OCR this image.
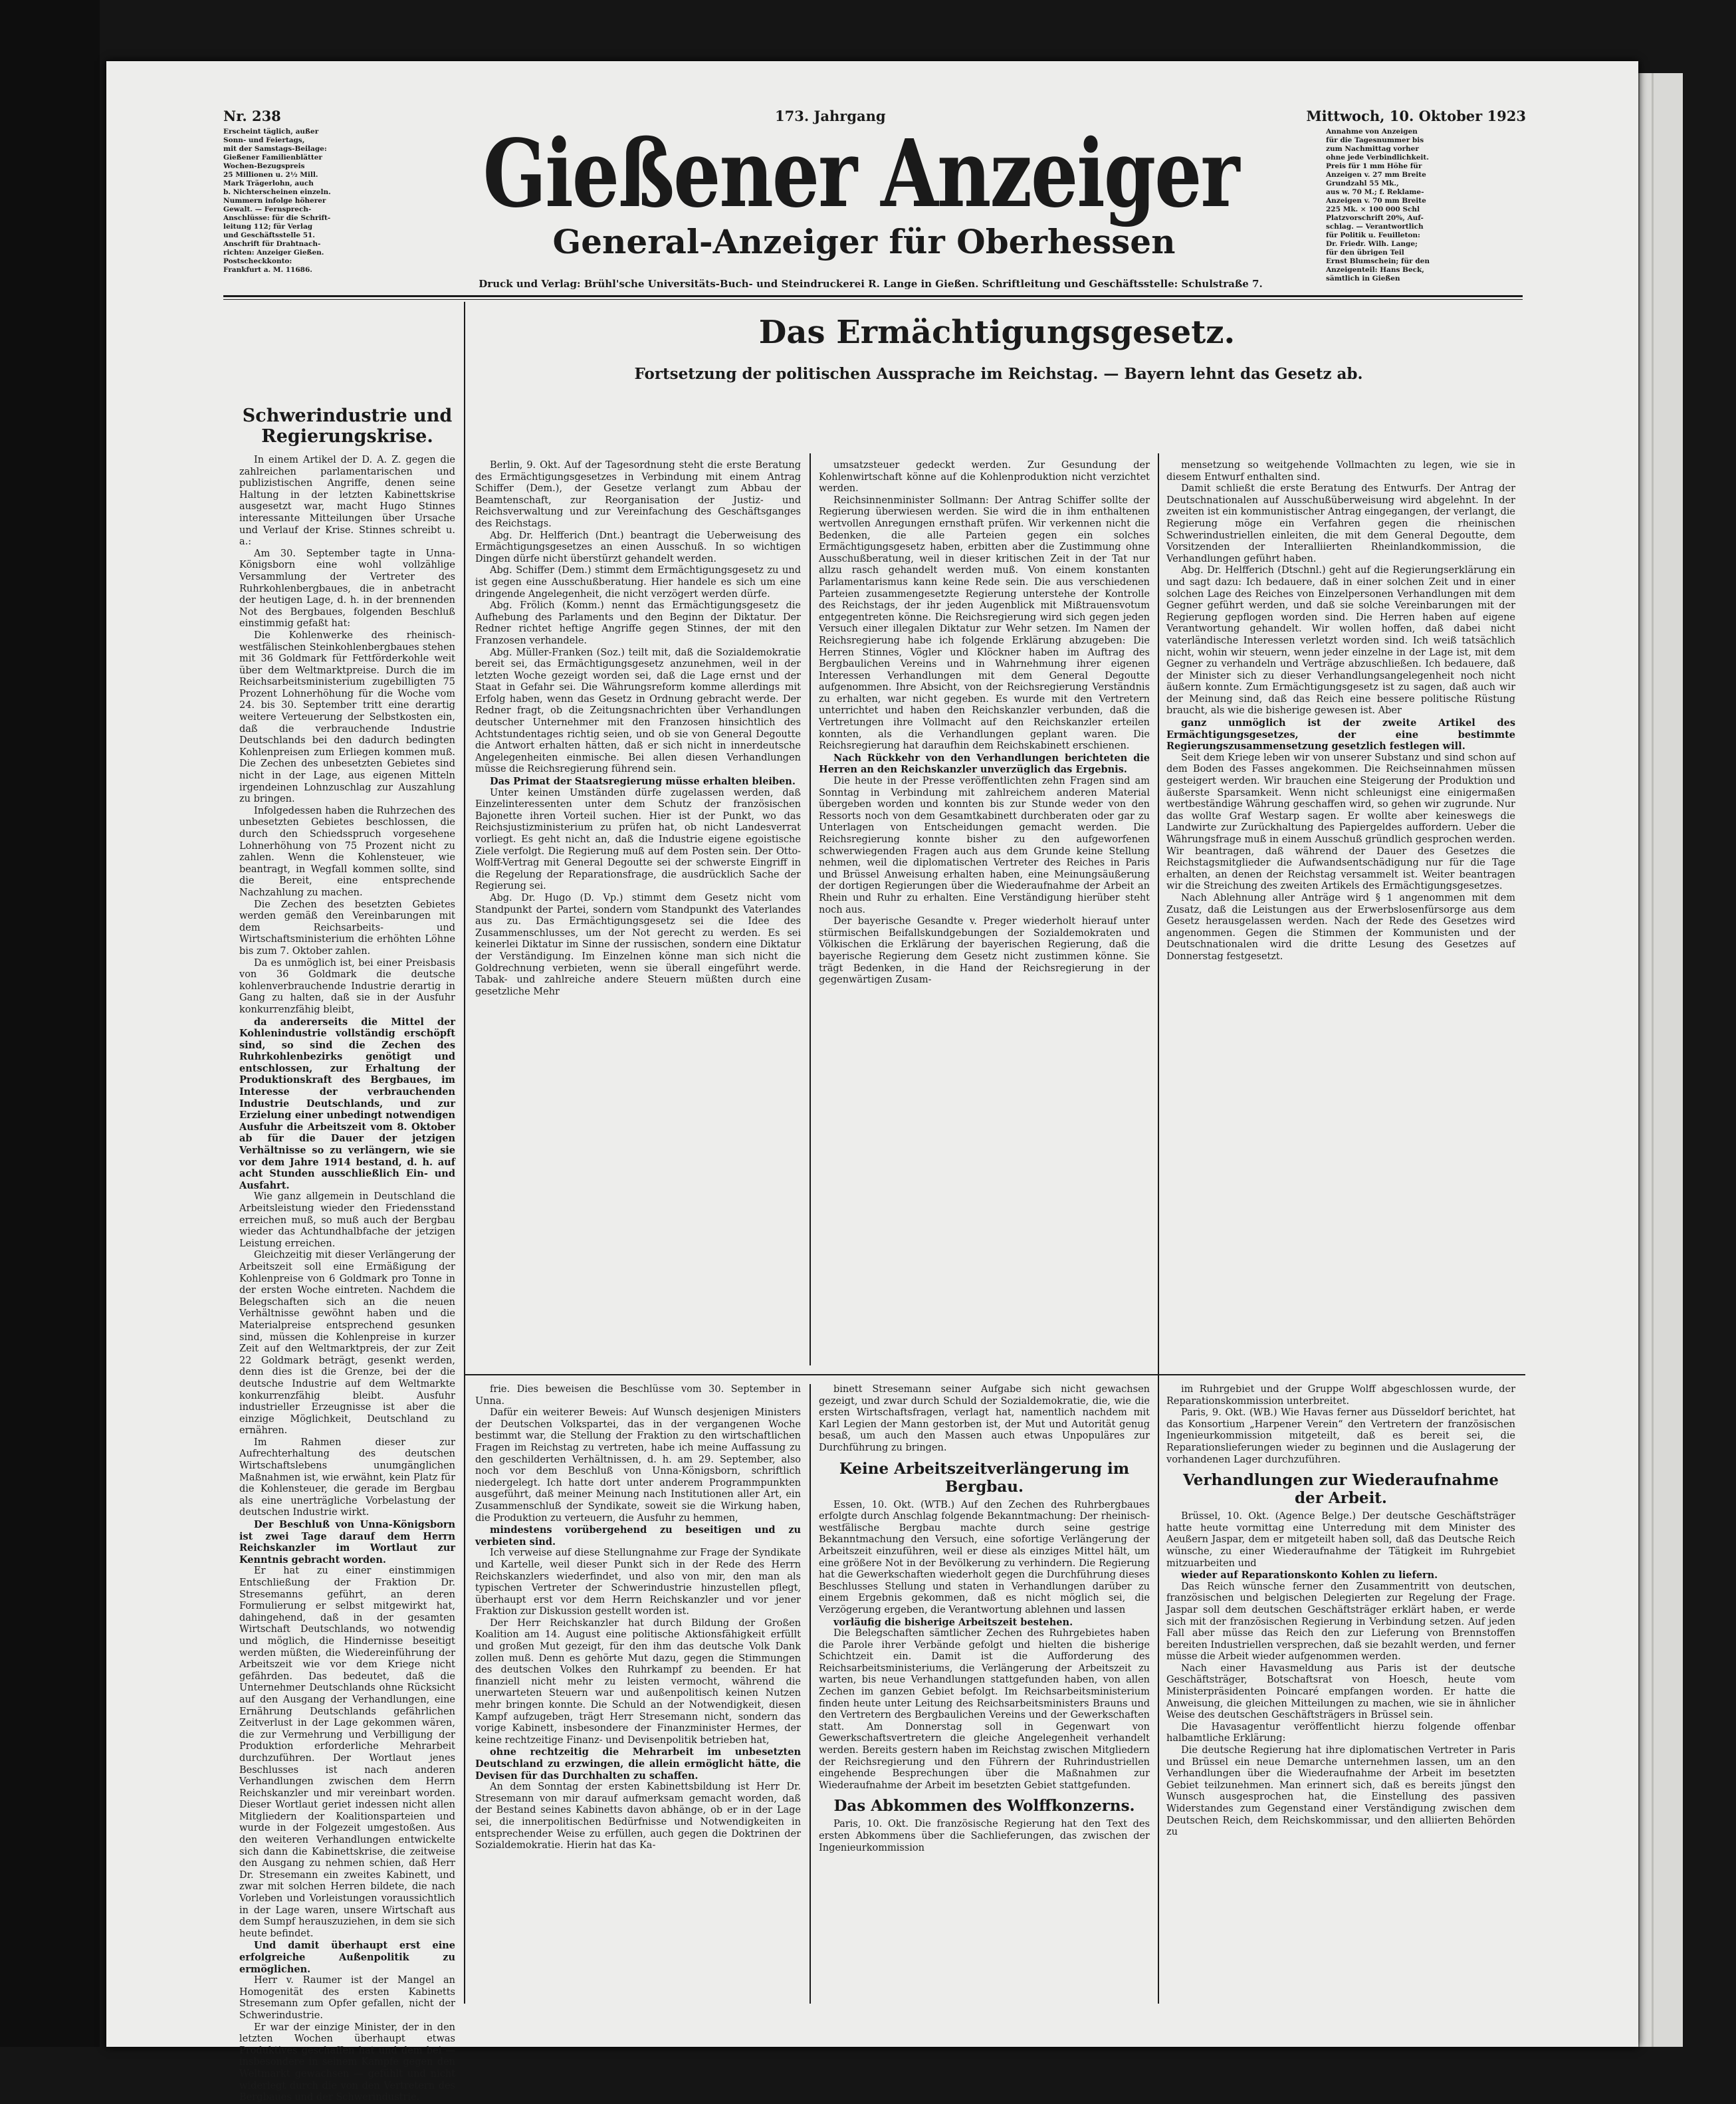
Nr. 238	173. Jahrgang	Mittwoch, 10. Oktober 1923
Erscheint täglich, außer
Sonn- und Feiertags,
mit der Samstags-Beilage:
Gießener Familienblätter
Wochen-Bezugspreis
25 Millionen u. 2½ Mill.
Mark Trägerlohn, auch
b. Nichterscheinen einzeln.
Nummern infolge höherer
Gewalt. — Fernsprech-
Anschlüsse: für die Schrift-
leitung 112; für Verlag
und Geschäftsstelle 51.
Anschrift für Drahtnach-
richten: Anzeiger Gießen.
Postscheckkonto:
Frankfurt a. M. 11686.
Annahme von Anzeigen
für die Tagesnummer bis
zum Nachmittag vorher
ohne jede Verbindlichkeit.
Preis für 1 mm Höhe für
Anzeigen v. 27 mm Breite
Grundzahl 55 Mk.,
aus w. 70 M.; f. Reklame-
Anzeigen v. 70 mm Breite
225 Mk. × 100 000 Schl
Platzvorschrift 20%, Auf-
schlag. — Verantwortlich
für Politik u. Feuilleton:
Dr. Friedr. Wilh. Lange;
für den übrigen Teil
Ernst Blumschein; für den
Anzeigenteil: Hans Beck,
sämtlich in Gießen
Gießener Anzeiger
General-Anzeiger für Oberhessen
Druck und Verlag: Brühl'sche Universitäts-Buch- und Steindruckerei R. Lange in Gießen. Schriftleitung und Geschäftsstelle: Schulstraße 7.
Schwerindustrie und Regierungskrise.

In einem Artikel der D. A. Z. gegen die zahlreichen parlamentarischen und publizistischen Angriffe, denen seine Haltung in der letzten Kabinettskrise ausgesetzt war, macht Hugo Stinnes interessante Mitteilungen über Ursache und Verlauf der Krise. Stinnes schreibt u. a.:

Am 30. September tagte in Unna-Königsborn eine wohl vollzählige Versammlung der Vertreter des Ruhrkohlenbergbaues, die in anbetracht der heutigen Lage, d. h. in der brennenden Not des Bergbaues, folgenden Beschluß einstimmig gefaßt hat:

Die Kohlenwerke des rheinisch-westfälischen Steinkohlenbergbaues stehen mit 36 Goldmark für Fettförderkohle weit über dem Weltmarktpreise. Durch die im Reichsarbeitsministerium zugebilligten 75 Prozent Lohnerhöhung für die Woche vom 24. bis 30. September tritt eine derartig weitere Verteuerung der Selbstkosten ein, daß die verbrauchende Industrie Deutschlands bei den dadurch bedingten Kohlenpreisen zum Erliegen kommen muß. Die Zechen des unbesetzten Gebietes sind nicht in der Lage, aus eigenen Mitteln irgendeinen Lohnzuschlag zur Auszahlung zu bringen.

Infolgedessen haben die Ruhrzechen des unbesetzten Gebietes beschlossen, die durch den Schiedsspruch vorgesehene Lohnerhöhung von 75 Prozent nicht zu zahlen. Wenn die Kohlensteuer, wie beantragt, in Wegfall kommen sollte, sind die Bereit, eine entsprechende Nachzahlung zu machen.

Die Zechen des besetzten Gebietes werden gemäß den Vereinbarungen mit dem Reichsarbeits- und Wirtschaftsministerium die erhöhten Löhne bis zum 7. Oktober zahlen.

Da es unmöglich ist, bei einer Preisbasis von 36 Goldmark die deutsche kohlenverbrauchende Industrie derartig in Gang zu halten, daß sie in der Ausfuhr konkurrenzfähig bleibt,

da andererseits die Mittel der Kohlenindustrie vollständig erschöpft sind, so sind die Zechen des Ruhrkohlenbezirks genötigt und entschlossen, zur Erhaltung der Produktionskraft des Bergbaues, im Interesse der verbrauchenden Industrie Deutschlands, und zur Erzielung einer unbedingt notwendigen Ausfuhr die Arbeitszeit vom 8. Oktober ab für die Dauer der jetzigen Verhältnisse so zu verlängern, wie sie vor dem Jahre 1914 bestand, d. h. auf acht Stunden ausschließlich Ein- und Ausfahrt.

Wie ganz allgemein in Deutschland die Arbeitsleistung wieder den Friedensstand erreichen muß, so muß auch der Bergbau wieder das Achtundhalbfache der jetzigen Leistung erreichen.

Gleichzeitig mit dieser Verlängerung der Arbeitszeit soll eine Ermäßigung der Kohlenpreise von 6 Goldmark pro Tonne in der ersten Woche eintreten. Nachdem die Belegschaften sich an die neuen Verhältnisse gewöhnt haben und die Materialpreise entsprechend gesunken sind, müssen die Kohlenpreise in kurzer Zeit auf den Weltmarktpreis, der zur Zeit 22 Goldmark beträgt, gesenkt werden, denn dies ist die Grenze, bei der die deutsche Industrie auf dem Weltmarkte konkurrenzfähig bleibt. Ausfuhr industrieller Erzeugnisse ist aber die einzige Möglichkeit, Deutschland zu ernähren.

Im Rahmen dieser zur Aufrechterhaltung des deutschen Wirtschaftslebens unumgänglichen Maßnahmen ist, wie erwähnt, kein Platz für die Kohlensteuer, die gerade im Bergbau als eine unerträgliche Vorbelastung der deutschen Industrie wirkt.

Der Beschluß von Unna-Königsborn ist zwei Tage darauf dem Herrn Reichskanzler im Wortlaut zur Kenntnis gebracht worden.

Er hat zu einer einstimmigen Entschließung der Fraktion Dr. Stresemanns geführt, an deren Formulierung er selbst mitgewirkt hat, dahingehend, daß in der gesamten Wirtschaft Deutschlands, wo notwendig und möglich, die Hindernisse beseitigt werden müßten, die Wiedereinführung der Arbeitszeit wie vor dem Kriege nicht gefährden. Das bedeutet, daß die Unternehmer Deutschlands ohne Rücksicht auf den Ausgang der Verhandlungen, eine Ernährung Deutschlands gefährlichen Zeitverlust in der Lage gekommen wären, die zur Vermehrung und Verbilligung der Produktion erforderliche Mehrarbeit durchzuführen. Der Wortlaut jenes Beschlusses ist nach anderen Verhandlungen zwischen dem Herrn Reichskanzler und mir vereinbart worden. Dieser Wortlaut geriet indessen nicht allen Mitgliedern der Koalitionsparteien und wurde in der Folgezeit umgestoßen. Aus den weiteren Verhandlungen entwickelte sich dann die Kabinettskrise, die zeitweise den Ausgang zu nehmen schien, daß Herr Dr. Stresemann ein zweites Kabinett, und zwar mit solchen Herren bildete, die nach Vorleben und Vorleistungen voraussichtlich in der Lage waren, unsere Wirtschaft aus dem Sumpf herauszuziehen, in dem sie sich heute befindet.

Und damit überhaupt erst eine erfolgreiche Außenpolitik zu ermöglichen.

Herr v. Raumer ist der Mangel an Homogenität des ersten Kabinetts Stresemann zum Opfer gefallen, nicht der Schwerindustrie.

Er war der einzige Minister, der in den letzten Wochen überhaupt etwas Produktives geschaffen hat und dem bei — insbesondere in seinem Kampfe gegen den Weltmarkt gewachsen — gefühlt und nicht widerlegt durch die von den Vertretern des Bergbaues und der Schwerindustrie.

Das Ermächtigungsgesetz.
Fortsetzung der politischen Aussprache im Reichstag. — Bayern lehnt das Gesetz ab.

Berlin, 9. Okt. Auf der Tagesordnung steht die erste Beratung des Ermächtigungsgesetzes in Verbindung mit einem Antrag Schiffer (Dem.), der Gesetze verlangt zum Abbau der Beamtenschaft, zur Reorganisation der Justiz- und Reichsverwaltung und zur Vereinfachung des Geschäftsganges des Reichstags.

Abg. Dr. Helfferich (Dnt.) beantragt die Ueberweisung des Ermächtigungsgesetzes an einen Ausschuß. In so wichtigen Dingen dürfe nicht überstürzt gehandelt werden.

Abg. Schiffer (Dem.) stimmt dem Ermächtigungsgesetz zu und ist gegen eine Ausschußberatung. Hier handele es sich um eine dringende Angelegenheit, die nicht verzögert werden dürfe.

Abg. Frölich (Komm.) nennt das Ermächtigungsgesetz die Aufhebung des Parlaments und den Beginn der Diktatur. Der Redner richtet heftige Angriffe gegen Stinnes, der mit den Franzosen verhandele.

Abg. Müller-Franken (Soz.) teilt mit, daß die Sozialdemokratie bereit sei, das Ermächtigungsgesetz anzunehmen, weil in der letzten Woche gezeigt worden sei, daß die Lage ernst und der Staat in Gefahr sei. Die Währungsreform komme allerdings mit Erfolg haben, wenn das Gesetz in Ordnung gebracht werde. Der Redner fragt, ob die Zeitungsnachrichten über Verhandlungen deutscher Unternehmer mit den Franzosen hinsichtlich des Achtstundentages richtig seien, und ob sie von General Degoutte die Antwort erhalten hätten, daß er sich nicht in innerdeutsche Angelegenheiten einmische. Bei allen diesen Verhandlungen müsse die Reichsregierung führend sein.

Das Primat der Staatsregierung müsse erhalten bleiben.

Unter keinen Umständen dürfe zugelassen werden, daß Einzelinteressenten unter dem Schutz der französischen Bajonette ihren Vorteil suchen. Hier ist der Punkt, wo das Reichsjustizministerium zu prüfen hat, ob nicht Landesverrat vorliegt. Es geht nicht an, daß die Industrie eigene egoistische Ziele verfolgt. Die Regierung muß auf dem Posten sein. Der Otto-Wolff-Vertrag mit General Degoutte sei der schwerste Eingriff in die Regelung der Reparationsfrage, die ausdrücklich Sache der Regierung sei.

Abg. Dr. Hugo (D. Vp.) stimmt dem Gesetz nicht vom Standpunkt der Partei, sondern vom Standpunkt des Vaterlandes aus zu. Das Ermächtigungsgesetz sei die Idee des Zusammenschlusses, um der Not gerecht zu werden. Es sei keinerlei Diktatur im Sinne der russischen, sondern eine Diktatur der Verständigung. Im Einzelnen könne man sich nicht die Goldrechnung verbieten, wenn sie überall eingeführt werde. Tabak- und zahlreiche andere Steuern müßten durch eine gesetzliche Mehr

umsatzsteuer gedeckt werden. Zur Gesundung der Kohlenwirtschaft könne auf die Kohlenproduktion nicht verzichtet werden.

Reichsinnenminister Sollmann: Der Antrag Schiffer sollte der Regierung überwiesen werden. Sie wird die in ihm enthaltenen wertvollen Anregungen ernsthaft prüfen. Wir verkennen nicht die Bedenken, die alle Parteien gegen ein solches Ermächtigungsgesetz haben, erbitten aber die Zustimmung ohne Ausschußberatung, weil in dieser kritischen Zeit in der Tat nur allzu rasch gehandelt werden muß. Von einem konstanten Parlamentarismus kann keine Rede sein. Die aus verschiedenen Parteien zusammengesetzte Regierung unterstehe der Kontrolle des Reichstags, der ihr jeden Augenblick mit Mißtrauensvotum entgegentreten könne. Die Reichsregierung wird sich gegen jeden Versuch einer illegalen Diktatur zur Wehr setzen. Im Namen der Reichsregierung habe ich folgende Erklärung abzugeben: Die Herren Stinnes, Vögler und Klöckner haben im Auftrag des Bergbaulichen Vereins und in Wahrnehmung ihrer eigenen Interessen Verhandlungen mit dem General Degoutte aufgenommen. Ihre Absicht, von der Reichsregierung Verständnis zu erhalten, war nicht gegeben. Es wurde mit den Vertretern unterrichtet und haben den Reichskanzler verbunden, daß die Vertretungen ihre Vollmacht auf den Reichskanzler erteilen konnten, als die Verhandlungen geplant waren. Die Reichsregierung hat daraufhin dem Reichskabinett erschienen.

Nach Rückkehr von den Verhandlungen berichteten die Herren an den Reichskanzler unverzüglich das Ergebnis.

Die heute in der Presse veröffentlichten zehn Fragen sind am Sonntag in Verbindung mit zahlreichem anderen Material übergeben worden und konnten bis zur Stunde weder von den Ressorts noch von dem Gesamtkabinett durchberaten oder gar zu Unterlagen von Entscheidungen gemacht werden. Die Reichsregierung konnte bisher zu den aufgeworfenen schwerwiegenden Fragen auch aus dem Grunde keine Stellung nehmen, weil die diplomatischen Vertreter des Reiches in Paris und Brüssel Anweisung erhalten haben, eine Meinungsäußerung der dortigen Regierungen über die Wiederaufnahme der Arbeit an Rhein und Ruhr zu erhalten. Eine Verständigung hierüber steht noch aus.

Der bayerische Gesandte v. Preger wiederholt hierauf unter stürmischen Beifallskundgebungen der Sozialdemokraten und Völkischen die Erklärung der bayerischen Regierung, daß die bayerische Regierung dem Gesetz nicht zustimmen könne. Sie trägt Bedenken, in die Hand der Reichsregierung in der gegenwärtigen Zusam-

mensetzung so weitgehende Vollmachten zu legen, wie sie in diesem Entwurf enthalten sind.

Damit schließt die erste Beratung des Entwurfs. Der Antrag der Deutschnationalen auf Ausschußüberweisung wird abgelehnt. In der zweiten ist ein kommunistischer Antrag eingegangen, der verlangt, die Regierung möge ein Verfahren gegen die rheinischen Schwerindustriellen einleiten, die mit dem General Degoutte, dem Vorsitzenden der Interalliierten Rheinlandkommission, die Verhandlungen geführt haben.

Abg. Dr. Helfferich (Dtschnl.) geht auf die Regierungserklärung ein und sagt dazu: Ich bedauere, daß in einer solchen Zeit und in einer solchen Lage des Reiches von Einzelpersonen Verhandlungen mit dem Gegner geführt werden, und daß sie solche Vereinbarungen mit der Regierung gepflogen worden sind. Die Herren haben auf eigene Verantwortung gehandelt. Wir wollen hoffen, daß dabei nicht vaterländische Interessen verletzt worden sind. Ich weiß tatsächlich nicht, wohin wir steuern, wenn jeder einzelne in der Lage ist, mit dem Gegner zu verhandeln und Verträge abzuschließen. Ich bedauere, daß der Minister sich zu dieser Verhandlungsangelegenheit noch nicht äußern konnte. Zum Ermächtigungsgesetz ist zu sagen, daß auch wir der Meinung sind, daß das Reich eine bessere politische Rüstung braucht, als wie die bisherige gewesen ist. Aber

ganz unmöglich ist der zweite Artikel des Ermächtigungsgesetzes, der eine bestimmte Regierungszusammensetzung gesetzlich festlegen will.

Seit dem Kriege leben wir von unserer Substanz und sind schon auf dem Boden des Fasses angekommen. Die Reichseinnahmen müssen gesteigert werden. Wir brauchen eine Steigerung der Produktion und äußerste Sparsamkeit. Wenn nicht schleunigst eine einigermaßen wertbeständige Währung geschaffen wird, so gehen wir zugrunde. Nur das wollte Graf Westarp sagen. Er wollte aber keineswegs die Landwirte zur Zurückhaltung des Papiergeldes auffordern. Ueber die Währungsfrage muß in einem Ausschuß gründlich gesprochen werden. Wir beantragen, daß während der Dauer des Gesetzes die Reichstagsmitglieder die Aufwandsentschädigung nur für die Tage erhalten, an denen der Reichstag versammelt ist. Weiter beantragen wir die Streichung des zweiten Artikels des Ermächtigungsgesetzes.

Nach Ablehnung aller Anträge wird § 1 angenommen mit dem Zusatz, daß die Leistungen aus der Erwerbslosenfürsorge aus dem Gesetz herausgelassen werden. Nach der Rede des Gesetzes wird angenommen. Gegen die Stimmen der Kommunisten und der Deutschnationalen wird die dritte Lesung des Gesetzes auf Donnerstag festgesetzt.

frie. Dies beweisen die Beschlüsse vom 30. September in Unna.

Dafür ein weiterer Beweis: Auf Wunsch desjenigen Ministers der Deutschen Volkspartei, das in der vergangenen Woche bestimmt war, die Stellung der Fraktion zu den wirtschaftlichen Fragen im Reichstag zu vertreten, habe ich meine Auffassung zu den geschilderten Verhältnissen, d. h. am 29. September, also noch vor dem Beschluß von Unna-Königsborn, schriftlich niedergelegt. Ich hatte dort unter anderem Programmpunkten ausgeführt, daß meiner Meinung nach Institutionen aller Art, ein Zusammenschluß der Syndikate, soweit sie die Wirkung haben, die Produktion zu verteuern, die Ausfuhr zu hemmen,

mindestens vorübergehend zu beseitigen und zu verbieten sind.

Ich verweise auf diese Stellungnahme zur Frage der Syndikate und Kartelle, weil dieser Punkt sich in der Rede des Herrn Reichskanzlers wiederfindet, und also von mir, den man als typischen Vertreter der Schwerindustrie hinzustellen pflegt, überhaupt erst vor dem Herrn Reichskanzler und vor jener Fraktion zur Diskussion gestellt worden ist.

Der Herr Reichskanzler hat durch Bildung der Großen Koalition am 14. August eine politische Aktionsfähigkeit erfüllt und großen Mut gezeigt, für den ihm das deutsche Volk Dank zollen muß. Denn es gehörte Mut dazu, gegen die Stimmungen des deutschen Volkes den Ruhrkampf zu beenden. Er hat finanziell nicht mehr zu leisten vermocht, während die unerwarteten Steuern war und außenpolitisch keinen Nutzen mehr bringen konnte. Die Schuld an der Notwendigkeit, diesen Kampf aufzugeben, trägt Herr Stresemann nicht, sondern das vorige Kabinett, insbesondere der Finanzminister Hermes, der keine rechtzeitige Finanz- und Devisenpolitik betrieben hat,

ohne rechtzeitig die Mehrarbeit im unbesetzten Deutschland zu erzwingen, die allein ermöglicht hätte, die Devisen für das Durchhalten zu schaffen.

An dem Sonntag der ersten Kabinettsbildung ist Herr Dr. Stresemann von mir darauf aufmerksam gemacht worden, daß der Bestand seines Kabinetts davon abhänge, ob er in der Lage sei, die innerpolitischen Bedürfnisse und Notwendigkeiten in entsprechender Weise zu erfüllen, auch gegen die Doktrinen der Sozialdemokratie. Hierin hat das Ka-

binett Stresemann seiner Aufgabe sich nicht gewachsen gezeigt, und zwar durch Schuld der Sozialdemokratie, die, wie die ersten Wirtschaftsfragen, verlagt hat, namentlich nachdem mit Karl Legien der Mann gestorben ist, der Mut und Autorität genug besaß, um auch den Massen auch etwas Unpopuläres zur Durchführung zu bringen.

Keine Arbeitszeitverlängerung im Bergbau.

Essen, 10. Okt. (WTB.) Auf den Zechen des Ruhrbergbaues erfolgte durch Anschlag folgende Bekanntmachung: Der rheinisch-westfälische Bergbau machte durch seine gestrige Bekanntmachung den Versuch, eine sofortige Verlängerung der Arbeitszeit einzuführen, weil er diese als einziges Mittel hält, um eine größere Not in der Bevölkerung zu verhindern. Die Regierung hat die Gewerkschaften wiederholt gegen die Durchführung dieses Beschlusses Stellung und staten in Verhandlungen darüber zu einem Ergebnis gekommen, daß es nicht möglich sei, die Verzögerung ergeben, die Verantwortung ablehnen und lassen

vorläufig die bisherige Arbeitszeit bestehen.

Die Belegschaften sämtlicher Zechen des Ruhrgebietes haben die Parole ihrer Verbände gefolgt und hielten die bisherige Schichtzeit ein. Damit ist die Aufforderung des Reichsarbeitsministeriums, die Verlängerung der Arbeitszeit zu warten, bis neue Verhandlungen stattgefunden haben, von allen Zechen im ganzen Gebiet befolgt. Im Reichsarbeitsministerium finden heute unter Leitung des Reichsarbeitsministers Brauns und den Vertretern des Bergbaulichen Vereins und der Gewerkschaften statt. Am Donnerstag soll in Gegenwart von Gewerkschaftsvertretern die gleiche Angelegenheit verhandelt werden. Bereits gestern haben im Reichstag zwischen Mitgliedern der Reichsregierung und den Führern der Ruhrindustriellen eingehende Besprechungen über die Maßnahmen zur Wiederaufnahme der Arbeit im besetzten Gebiet stattgefunden.

Das Abkommen des Wolffkonzerns.

Paris, 10. Okt. Die französische Regierung hat den Text des ersten Abkommens über die Sachlieferungen, das zwischen der Ingenieurkommission

im Ruhrgebiet und der Gruppe Wolff abgeschlossen wurde, der Reparationskommission unterbreitet.

Paris, 9. Okt. (WB.) Wie Havas ferner aus Düsseldorf berichtet, hat das Konsortium „Harpener Verein“ den Vertretern der französischen Ingenieurkommission mitgeteilt, daß es bereit sei, die Reparationslieferungen wieder zu beginnen und die Auslagerung der vorhandenen Lager durchzuführen.

Verhandlungen zur Wiederaufnahme der Arbeit.

Brüssel, 10. Okt. (Agence Belge.) Der deutsche Geschäftsträger hatte heute vormittag eine Unterredung mit dem Minister des Aeußern Jaspar, dem er mitgeteilt haben soll, daß das Deutsche Reich wünsche, zu einer Wiederaufnahme der Tätigkeit im Ruhrgebiet mitzuarbeiten und

wieder auf Reparationskonto Kohlen zu liefern.

Das Reich wünsche ferner den Zusammentritt von deutschen, französischen und belgischen Delegierten zur Regelung der Frage. Jaspar soll dem deutschen Geschäftsträger erklärt haben, er werde sich mit der französischen Regierung in Verbindung setzen. Auf jeden Fall aber müsse das Reich den zur Lieferung von Brennstoffen bereiten Industriellen versprechen, daß sie bezahlt werden, und ferner müsse die Arbeit wieder aufgenommen werden.

Nach einer Havasmeldung aus Paris ist der deutsche Geschäftsträger, Botschaftsrat von Hoesch, heute vom Ministerpräsidenten Poincaré empfangen worden. Er hatte die Anweisung, die gleichen Mitteilungen zu machen, wie sie in ähnlicher Weise des deutschen Geschäftsträgers in Brüssel sein.

Die Havasagentur veröffentlicht hierzu folgende offenbar halbamtliche Erklärung:

Die deutsche Regierung hat ihre diplomatischen Vertreter in Paris und Brüssel ein neue Demarche unternehmen lassen, um an den Verhandlungen über die Wiederaufnahme der Arbeit im besetzten Gebiet teilzunehmen. Man erinnert sich, daß es bereits jüngst den Wunsch ausgesprochen hat, die Einstellung des passiven Widerstandes zum Gegenstand einer Verständigung zwischen dem Deutschen Reich, dem Reichskommissar, und den alliierten Behörden zu
